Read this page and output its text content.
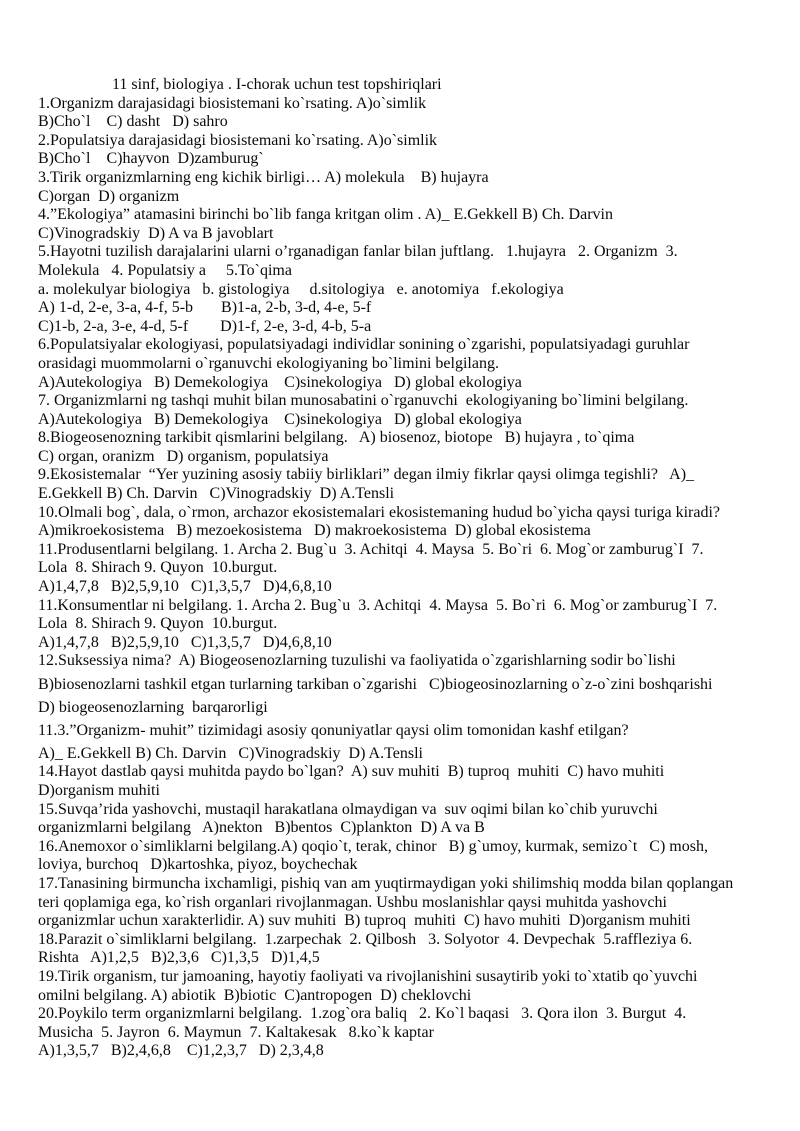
11 sinf, biologiya . I-chorak uchun test topshiriqlari
1.Organizm darajasidagi biosistemani ko`rsating. A)o`simlik
B)Cho`l    C) dasht   D) sahro
2.Populatsiya darajasidagi biosistemani ko`rsating. A)o`simlik
B)Cho`l    C)hayvon  D)zamburug`
3.Tirik organizmlarning eng kichik birligi… A) molekula    B) hujayra
C)organ  D) organizm
4.”Ekologiya” atamasini birinchi bo`lib fanga kritgan olim . A)_ E.Gekkell B) Ch. Darvin
C)Vinogradskiy  D) A va B javoblart
5.Hayotni tuzilish darajalarini ularni o’rganadigan fanlar bilan juftlang.   1.hujayra   2. Organizm  3.
Molekula   4. Populatsiy a     5.To`qima
a. molekulyar biologiya   b. gistologiya     d.sitologiya   e. anotomiya   f.ekologiya
A) 1-d, 2-e, 3-a, 4-f, 5-b       B)1-a, 2-b, 3-d, 4-e, 5-f
C)1-b, 2-a, 3-e, 4-d, 5-f        D)1-f, 2-e, 3-d, 4-b, 5-a
6.Populatsiyalar ekologiyasi, populatsiyadagi individlar sonining o`zgarishi, populatsiyadagi guruhlar
orasidagi muommolarni o`rganuvchi ekologiyaning bo`limini belgilang.
A)Autekologiya   B) Demekologiya    C)sinekologiya   D) global ekologiya
7. Organizmlarni ng tashqi muhit bilan munosabatini o`rganuvchi  ekologiyaning bo`limini belgilang.
A)Autekologiya   B) Demekologiya    C)sinekologiya   D) global ekologiya
8.Biogeosenozning tarkibit qismlarini belgilang.   A) biosenoz, biotope   B) hujayra , to`qima
C) organ, oranizm   D) organism, populatsiya
9.Ekosistemalar  “Yer yuzining asosiy tabiiy birliklari” degan ilmiy fikrlar qaysi olimga tegishli?   A)_
E.Gekkell B) Ch. Darvin   C)Vinogradskiy  D) A.Tensli
10.Olmali bog`, dala, o`rmon, archazor ekosistemalari ekosistemaning hudud bo`yicha qaysi turiga kiradi?
A)mikroekosistema   B) mezoekosistema   D) makroekosistema  D) global ekosistema
11.Produsentlarni belgilang. 1. Archa 2. Bug`u  3. Achitqi  4. Maysa  5. Bo`ri  6. Mog`or zamburug`I  7.
Lola  8. Shirach 9. Quyon  10.burgut.
A)1,4,7,8   B)2,5,9,10   C)1,3,5,7   D)4,6,8,10
11.Konsumentlar ni belgilang. 1. Archa 2. Bug`u  3. Achitqi  4. Maysa  5. Bo`ri  6. Mog`or zamburug`I  7.
Lola  8. Shirach 9. Quyon  10.burgut.
A)1,4,7,8   B)2,5,9,10   C)1,3,5,7   D)4,6,8,10
12.Suksessiya nima?  A) Biogeosenozlarning tuzulishi va faoliyatida o`zgarishlarning sodir bo`lishi
B)biosenozlarni tashkil etgan turlarning tarkiban o`zgarishi   C)biogeosinozlarning o`z-o`zini boshqarishi
D) biogeosenozlarning  barqarorligi
11.3.”Organizm- muhit” tizimidagi asosiy qonuniyatlar qaysi olim tomonidan kashf etilgan?
A)_ E.Gekkell B) Ch. Darvin   C)Vinogradskiy  D) A.Tensli
14.Hayot dastlab qaysi muhitda paydo bo`lgan?  A) suv muhiti  B) tuproq  muhiti  C) havo muhiti
D)organism muhiti
15.Suvqa’rida yashovchi, mustaqil harakatlana olmaydigan va  suv oqimi bilan ko`chib yuruvchi
organizmlarni belgilang   A)nekton   B)bentos  C)plankton  D) A va B
16.Anemoxor o`simliklarni belgilang.A) qoqio`t, terak, chinor   B) g`umoy, kurmak, semizo`t   C) mosh,
loviya, burchoq   D)kartoshka, piyoz, boychechak
17.Tanasining birmuncha ixchamligi, pishiq van am yuqtirmaydigan yoki shilimshiq modda bilan qoplangan
teri qoplamiga ega, ko`rish organlari rivojlanmagan. Ushbu moslanishlar qaysi muhitda yashovchi
organizmlar uchun xarakterlidir. A) suv muhiti  B) tuproq  muhiti  C) havo muhiti  D)organism muhiti
18.Parazit o`simliklarni belgilang.  1.zarpechak  2. Qilbosh   3. Solyotor  4. Devpechak  5.raffleziya 6.
Rishta   A)1,2,5   B)2,3,6   C)1,3,5   D)1,4,5
19.Tirik organism, tur jamoaning, hayotiy faoliyati va rivojlanishini susaytirib yoki to`xtatib qo`yuvchi
omilni belgilang. A) abiotik  B)biotic  C)antropogen  D) cheklovchi
20.Poykilo term organizmlarni belgilang.  1.zog`ora baliq   2. Ko`l baqasi   3. Qora ilon  3. Burgut  4.
Musicha  5. Jayron  6. Maymun  7. Kaltakesak   8.ko`k kaptar
A)1,3,5,7   B)2,4,6,8    C)1,2,3,7   D) 2,3,4,8
